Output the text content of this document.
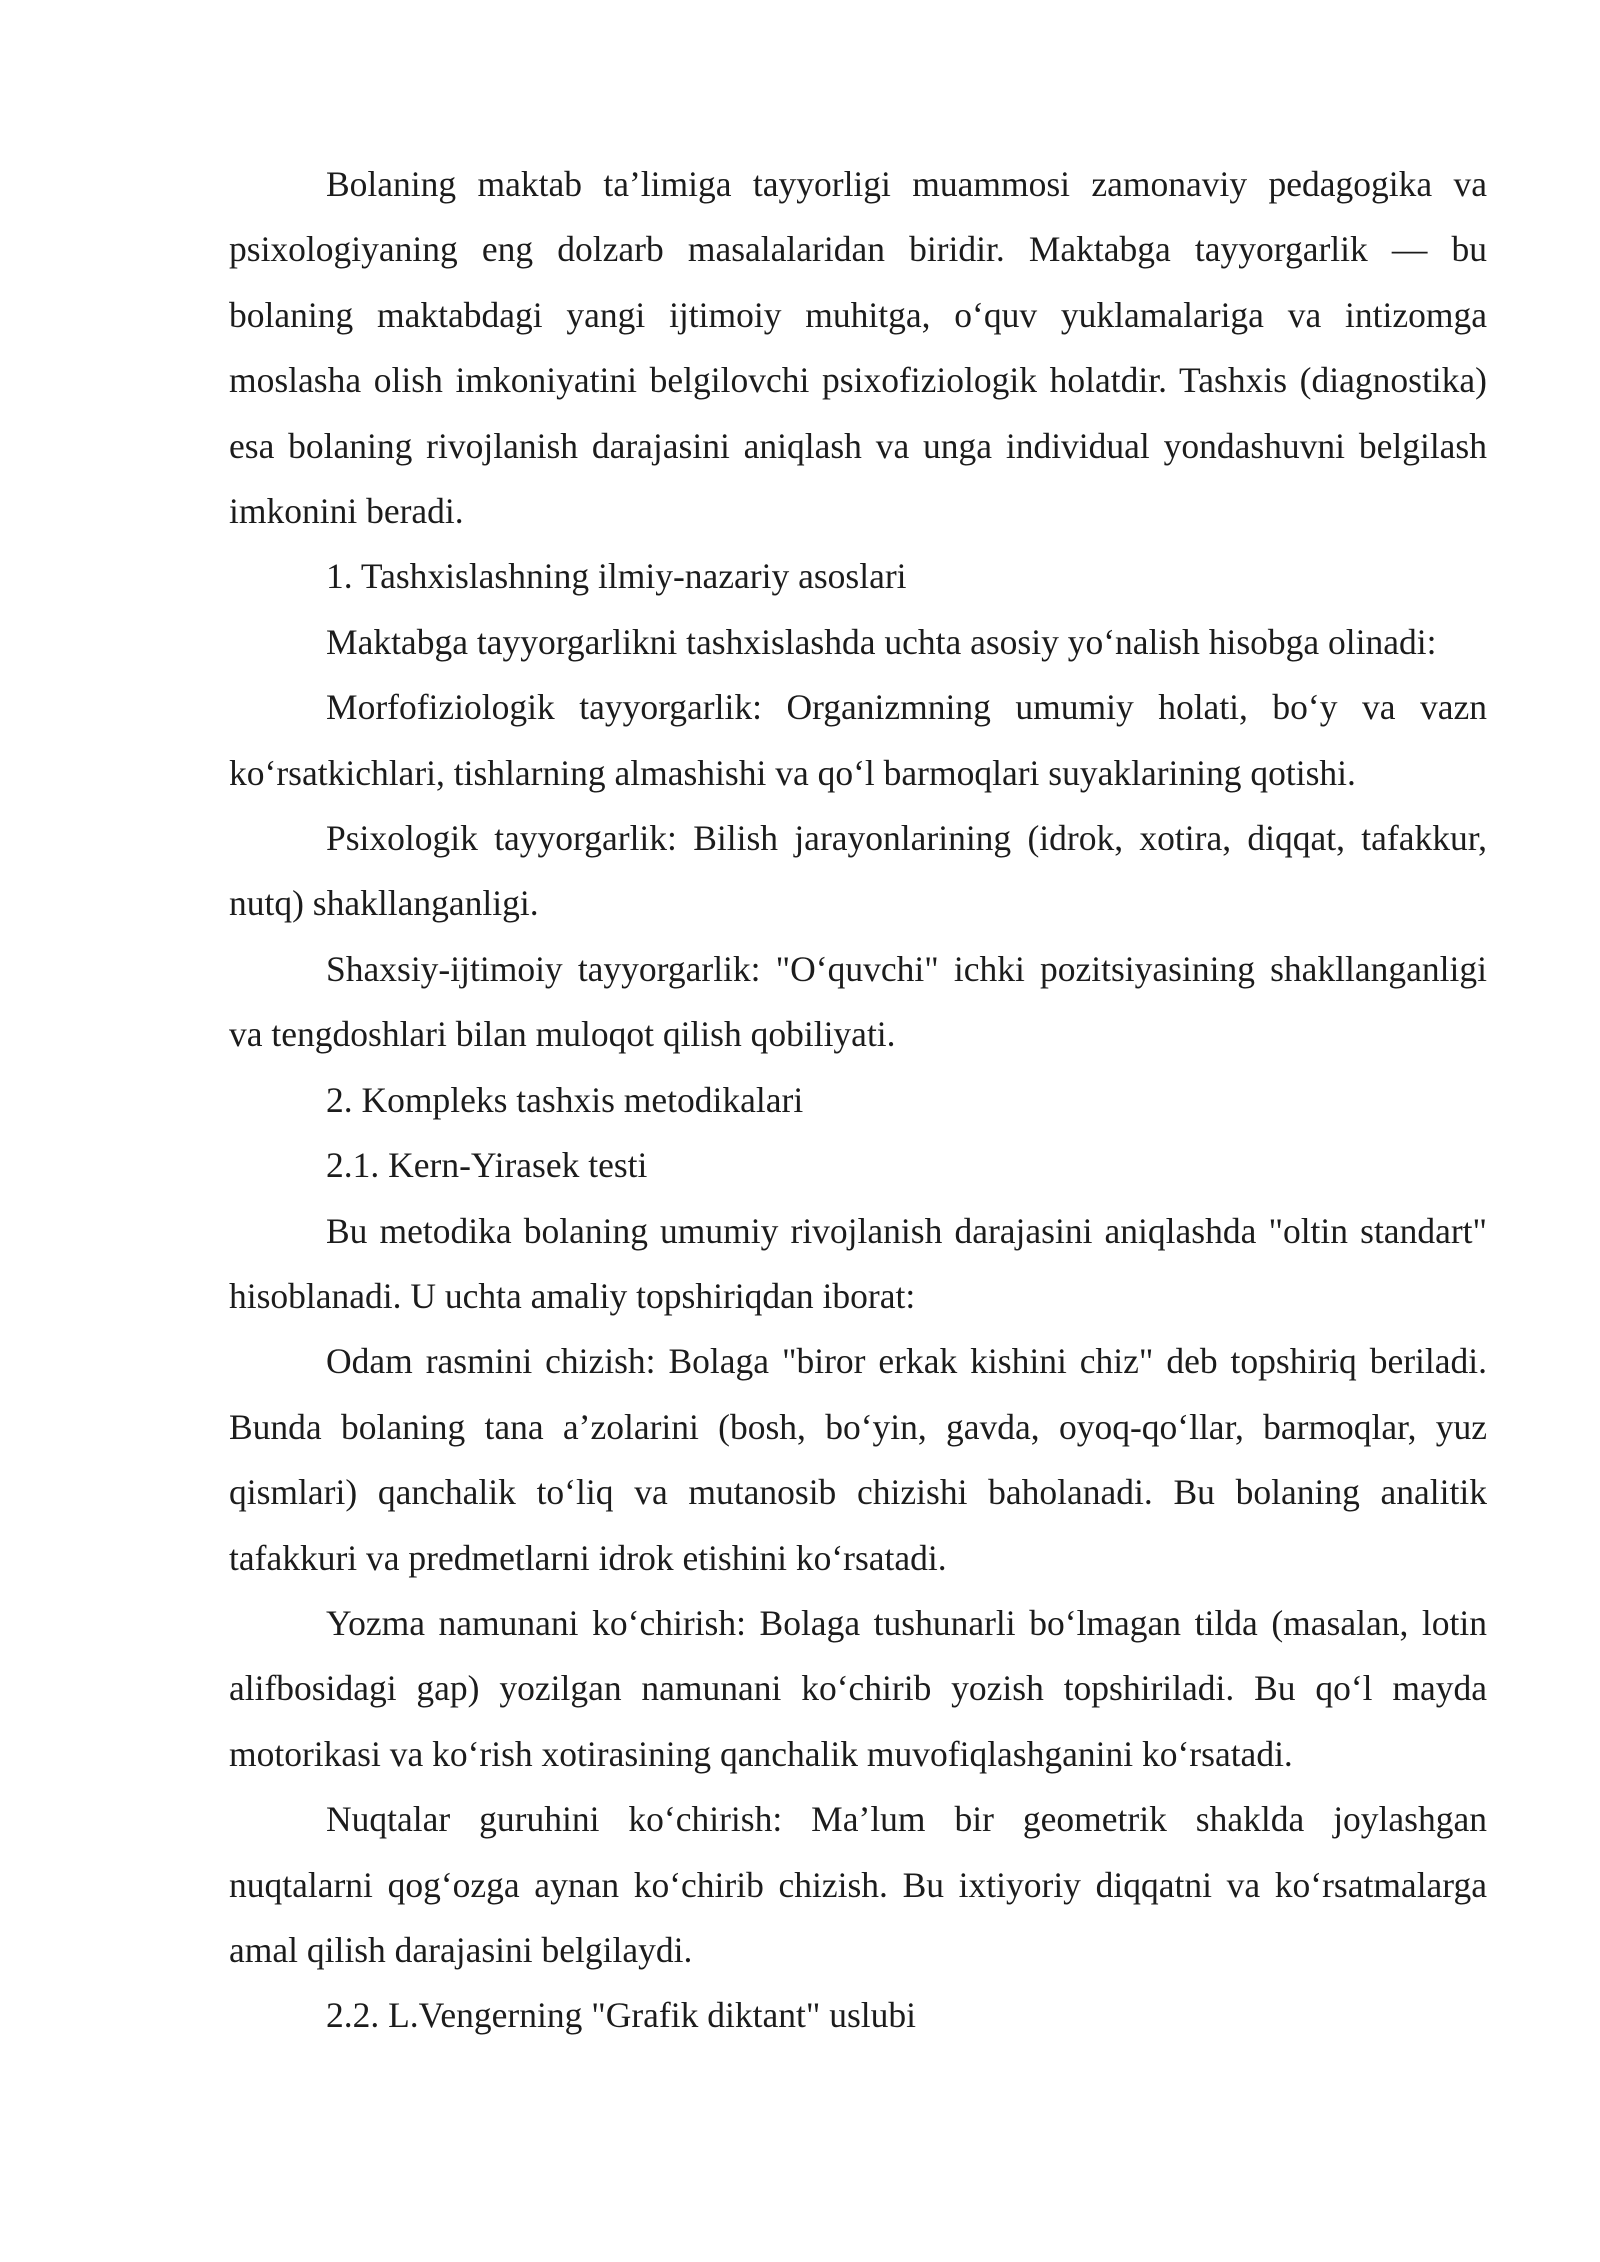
Bolaning maktab ta’limiga tayyorligi muammosi zamonaviy pedagogika va psixologiyaning eng dolzarb masalalaridan biridir. Maktabga tayyorgarlik — bu bolaning maktabdagi yangi ijtimoiy muhitga, o‘quv yuklamalariga va intizomga moslasha olish imkoniyatini belgilovchi psixofiziologik holatdir. Tashxis (diagnostika) esa bolaning rivojlanish darajasini aniqlash va unga individual yondashuvni belgilash imkonini beradi.

1. Tashxislashning ilmiy-nazariy asoslari

Maktabga tayyorgarlikni tashxislashda uchta asosiy yo‘nalish hisobga olinadi:

Morfofiziologik tayyorgarlik: Organizmning umumiy holati, bo‘y va vazn ko‘rsatkichlari, tishlarning almashishi va qo‘l barmoqlari suyaklarining qotishi.

Psixologik tayyorgarlik: Bilish jarayonlarining (idrok, xotira, diqqat, tafakkur, nutq) shakllanganligi.

Shaxsiy-ijtimoiy tayyorgarlik: "O‘quvchi" ichki pozitsiyasining shakllanganligi va tengdoshlari bilan muloqot qilish qobiliyati.

2. Kompleks tashxis metodikalari

2.1. Kern-Yirasek testi

Bu metodika bolaning umumiy rivojlanish darajasini aniqlashda "oltin standart" hisoblanadi. U uchta amaliy topshiriqdan iborat:

Odam rasmini chizish: Bolaga "biror erkak kishini chiz" deb topshiriq beriladi. Bunda bolaning tana a’zolarini (bosh, bo‘yin, gavda, oyoq-qo‘llar, barmoqlar, yuz qismlari) qanchalik to‘liq va mutanosib chizishi baholanadi. Bu bolaning analitik tafakkuri va predmetlarni idrok etishini ko‘rsatadi.

Yozma namunani ko‘chirish: Bolaga tushunarli bo‘lmagan tilda (masalan, lotin alifbosidagi gap) yozilgan namunani ko‘chirib yozish topshiriladi. Bu qo‘l mayda motorikasi va ko‘rish xotirasining qanchalik muvofiqlashganini ko‘rsatadi.

Nuqtalar guruhini ko‘chirish: Ma’lum bir geometrik shaklda joylashgan nuqtalarni qog‘ozga aynan ko‘chirib chizish. Bu ixtiyoriy diqqatni va ko‘rsatmalarga amal qilish darajasini belgilaydi.

2.2. L.Vengerning "Grafik diktant" uslubi
